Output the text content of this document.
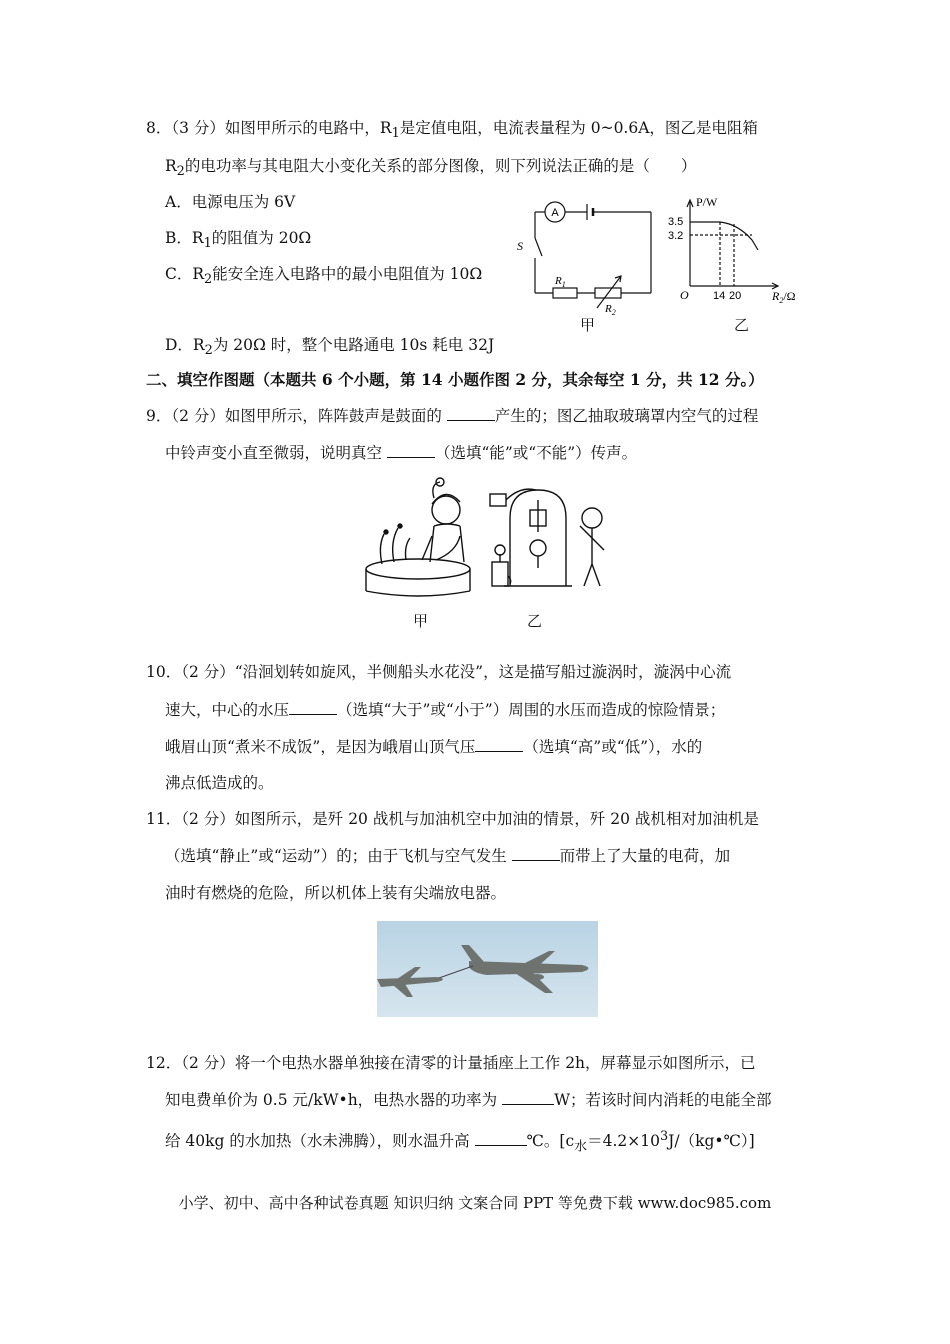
8．（3 分）如图甲所示的电路中，$R_1$是定值电阻，电流表量程为 0~0.6A，图乙是电阻箱
$R_2$的电功率与其电阻大小变化关系的部分图像，则下列说法正确的是（　　）
A．电源电压为 6V
B．$R_1$的阻值为 20Ω
C．$R_2$能安全连入电路中的最小电阻值为 10Ω
D．$R_2$为 20Ω 时，整个电路通电 10s 耗电 32J
A
S
$R_1$
$R_2$
甲
P/W
3.5
3.2
O 14 20	$R_2/\Omega$
乙
二、填空作图题（本题共 6 个小题，第 14 小题作图 2 分，其余每空 1 分，共 12 分。）
9．（2 分）如图甲所示，阵阵鼓声是鼓面的	产生的；图乙抽取玻璃罩内空气的过程
中铃声变小直至微弱，说明真空	（选填“能”或“不能”）传声。
甲	乙
10．（2 分）“沿洄划转如旋风，半侧船头水花没”，这是描写船过漩涡时，漩涡中心流
速大，中心的水压	（选填“大于”或“小于”）周围的水压而造成的惊险情景；
峨眉山顶“煮米不成饭”，是因为峨眉山顶气压	（选填“高”或“低”），水的
沸点低造成的。
11．（2 分）如图所示，是歼 20 战机与加油机空中加油的情景，歼 20 战机相对加油机是
（选填“静止”或“运动”）的；由于飞机与空气发生	而带上了大量的电荷，加
油时有燃烧的危险，所以机体上装有尖端放电器。
12．（2 分）将一个电热水器单独接在清零的计量插座上工作 2h，屏幕显示如图所示，已
知电费单价为 0.5 元/kW•h，电热水器的功率为	W；若该时间内消耗的电能全部
给 40kg 的水加热（水未沸腾），则水温升高	℃。$[c_水=4.2\times 10^3J/(kg•℃)]$
小学、初中、高中各种试卷真题 知识归纳 文案合同 PPT 等免费下载 www.doc985.com
